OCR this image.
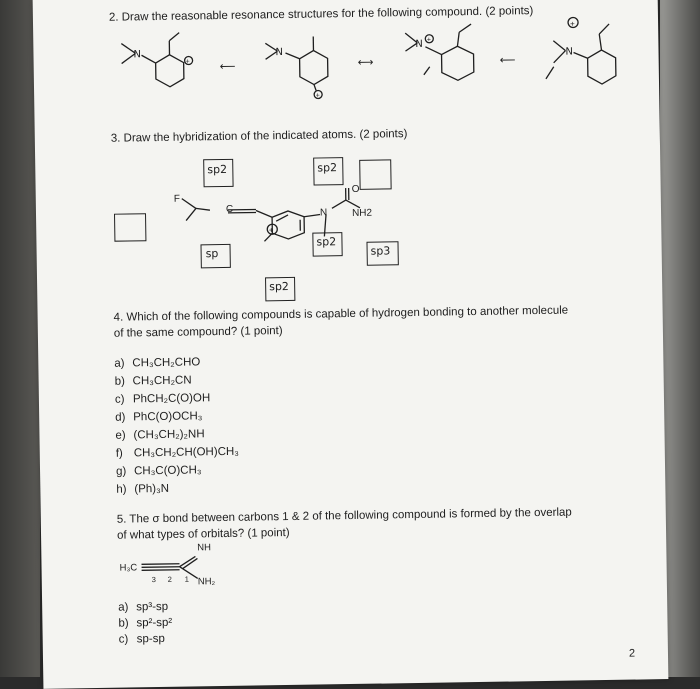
2. Draw the reasonable resonance structures for the following compound. (2 points)
N
+	⟵
N
+
⟷
N +
⟵
+
N
3. Draw the hybridization of the indicated atoms. (2 points)
sp2	sp2
sp
sp2
sp3
sp2
+
F
C	N
O
NH2
4. Which of the following compounds is capable of hydrogen bonding to another molecule
of the same compound? (1 point)
a) CH₃CH₂CHO
b) CH₃CH₂CN
c) PhCH₂C(O)OH
d) PhC(O)OCH₃
e) (CH₃CH₂)₂NH
f) CH₃CH₂CH(OH)CH₃
g) CH₃C(O)CH₃
h) (Ph)₃N
5. The σ bond between carbons 1 & 2 of the following compound is formed by the overlap
of what types of orbitals? (1 point)
NH
H₃C
3 2 1 NH₂
a) sp³-sp
b) sp²-sp²
c) sp-sp
2
